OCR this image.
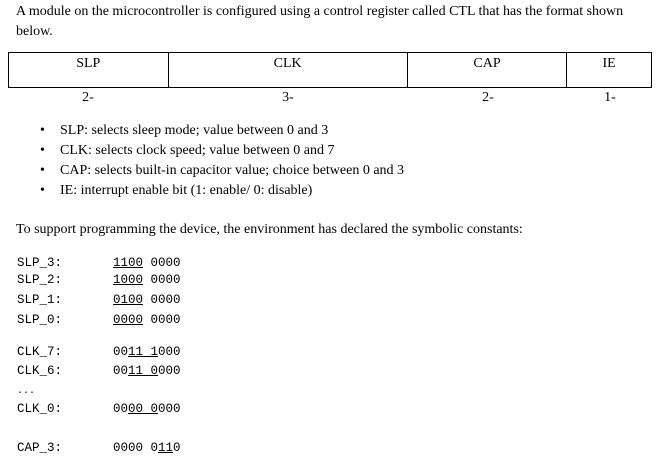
A module on the microcontroller is configured using a control register called CTL that has the format shown below.
SLP	CLK	CAP	IE
2-	3-	2-	1-
• SLP: selects sleep mode; value between 0 and 3
• CLK: selects clock speed; value between 0 and 7
• CAP: selects built-in capacitor value; choice between 0 and 3
• IE: interrupt enable bit (1: enable/ 0: disable)
To support programming the device, the environment has declared the symbolic constants:
SLP_3:	1100 0000
SLP_2:	1000 0000
SLP_1:	0100 0000
SLP_0:	0000 0000
CLK_7:	0011 1000
CLK_6:	0011 0000
...
CLK_0:	0000 0000
CAP_3:	0000 0110
